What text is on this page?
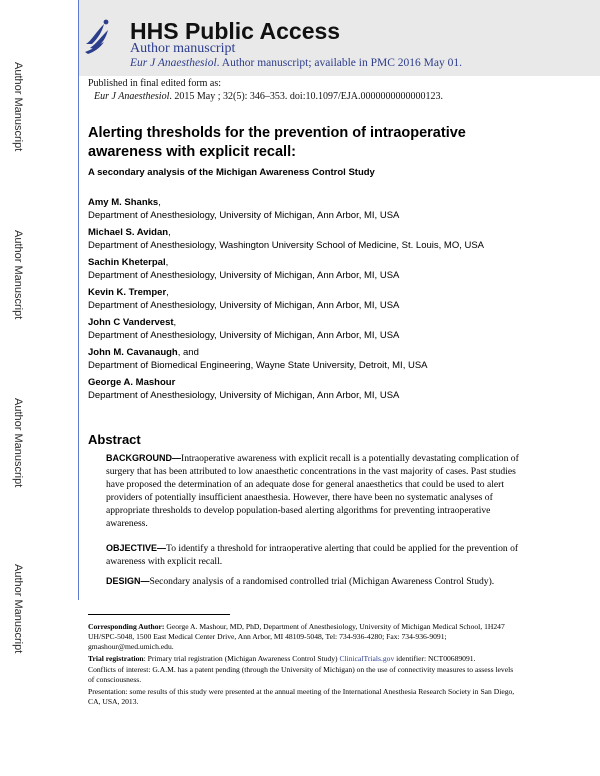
HHS Public Access
Author manuscript
Eur J Anaesthesiol. Author manuscript; available in PMC 2016 May 01.
Author Manuscript
Author Manuscript
Author Manuscript
Author Manuscript
Published in final edited form as:
Eur J Anaesthesiol. 2015 May ; 32(5): 346–353. doi:10.1097/EJA.0000000000000123.
Alerting thresholds for the prevention of intraoperative awareness with explicit recall:
A secondary analysis of the Michigan Awareness Control Study
Amy M. Shanks,
Department of Anesthesiology, University of Michigan, Ann Arbor, MI, USA
Michael S. Avidan,
Department of Anesthesiology, Washington University School of Medicine, St. Louis, MO, USA
Sachin Kheterpal,
Department of Anesthesiology, University of Michigan, Ann Arbor, MI, USA
Kevin K. Tremper,
Department of Anesthesiology, University of Michigan, Ann Arbor, MI, USA
John C Vandervest,
Department of Anesthesiology, University of Michigan, Ann Arbor, MI, USA
John M. Cavanaugh, and
Department of Biomedical Engineering, Wayne State University, Detroit, MI, USA
George A. Mashour
Department of Anesthesiology, University of Michigan, Ann Arbor, MI, USA
Abstract
BACKGROUND—Intraoperative awareness with explicit recall is a potentially devastating complication of surgery that has been attributed to low anaesthetic concentrations in the vast majority of cases. Past studies have proposed the determination of an adequate dose for general anaesthetics that could be used to alert providers of potentially insufficient anaesthesia. However, there have been no systematic analyses of appropriate thresholds to develop population-based alerting algorithms for preventing intraoperative awareness.
OBJECTIVE—To identify a threshold for intraoperative alerting that could be applied for the prevention of awareness with explicit recall.
DESIGN—Secondary analysis of a randomised controlled trial (Michigan Awareness Control Study).
Corresponding Author: George A. Mashour, MD, PhD, Department of Anesthesiology, University of Michigan Medical School, 1H247 UH/SPC-5048, 1500 East Medical Center Drive, Ann Arbor, MI 48109-5048, Tel: 734-936-4280; Fax: 734-936-9091; gmashour@med.umich.edu.
Trial registration: Primary trial registration (Michigan Awareness Control Study) ClinicalTrials.gov identifier: NCT00689091.
Conflicts of interest: G.A.M. has a patent pending (through the University of Michigan) on the use of connectivity measures to assess levels of consciousness.
Presentation: some results of this study were presented at the annual meeting of the International Anesthesia Research Society in San Diego, CA, USA, 2013.
